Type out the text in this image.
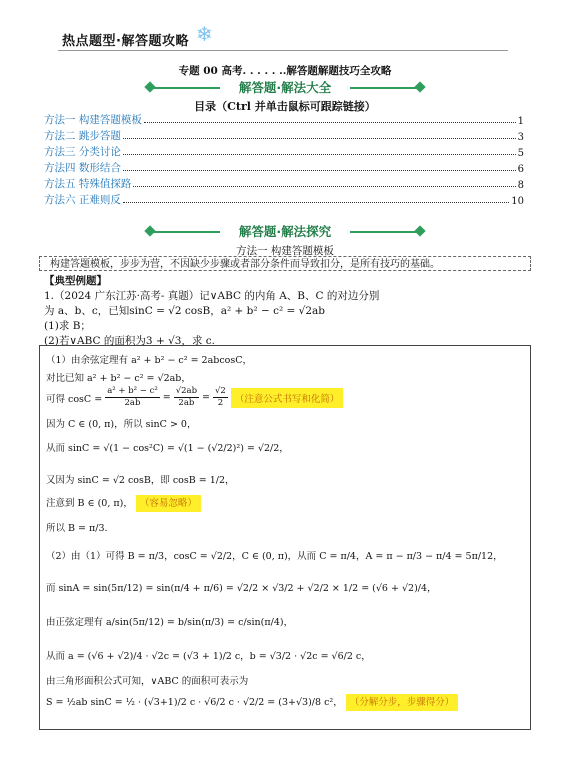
热点题型·解答题攻略 ❄
专题 00 高考. . . . . ..解答题解题技巧全攻略
解答题·解法大全
目录（Ctrl 并单击鼠标可跟踪链接）
方法一 构建答题模板	1
方法二 跳步答题	3
方法三 分类讨论	5
方法四 数形结合	6
方法五 特殊值探路	8
方法六 正难则反	10
解答题·解法探究
方法一 构建答题模板
构建答题模板，步步为营，不因缺少步骤或者部分条件而导致扣分，是所有技巧的基础。
【典型例题】
1.（2024 广东江苏·高考- 真题）记∨ABC 的内角 A、B、C 的对边分别
为 a、b、c，已知sinC = √2 cosB，a² + b² − c² = √2ab
(1)求 B；
(2)若∨ABC 的面积为3 + √3，求 c.
（1）由余弦定理有 a² + b² − c² = 2abcosC，
对比已知 a² + b² − c² = √2ab，
可得 $\cos C = \frac{\text{a² + b² − c²}}{2ab} = \frac{√2ab}{2ab} = \frac{√2}{2}$ （注意公式书写和化简）
因为 C ∈ (0, π)，所以 sinC > 0，
从而 sinC = √(1 − cos²C) = √(1 − (√2/2)²) = √2/2，
又因为 sinC = √2 cosB，即 cosB = 1/2，
注意到 B ∈ (0, π)， （容易忽略）
所以 B = π/3.
（2）由（1）可得 B = π/3，cosC = √2/2，C ∈ (0, π)，从而 C = π/4，A = π − π/3 − π/4 = 5π/12，
而 sinA = sin(5π/12) = sin(π/4 + π/6) = √2/2 × √3/2 + √2/2 × 1/2 = (√6 + √2)/4，
由正弦定理有 a/sin(5π/12) = b/sin(π/3) = c/sin(π/4)，
从而 a = (√6 + √2)/4 · √2c = (√3 + 1)/2 c，b = √3/2 · √2c = √6/2 c，
由三角形面积公式可知，∨ABC 的面积可表示为
S = ½ab sinC = ½ · (√3+1)/2 c · √6/2 c · √2/2 = (3+√3)/8 c²， （分解分步，步骤得分）
